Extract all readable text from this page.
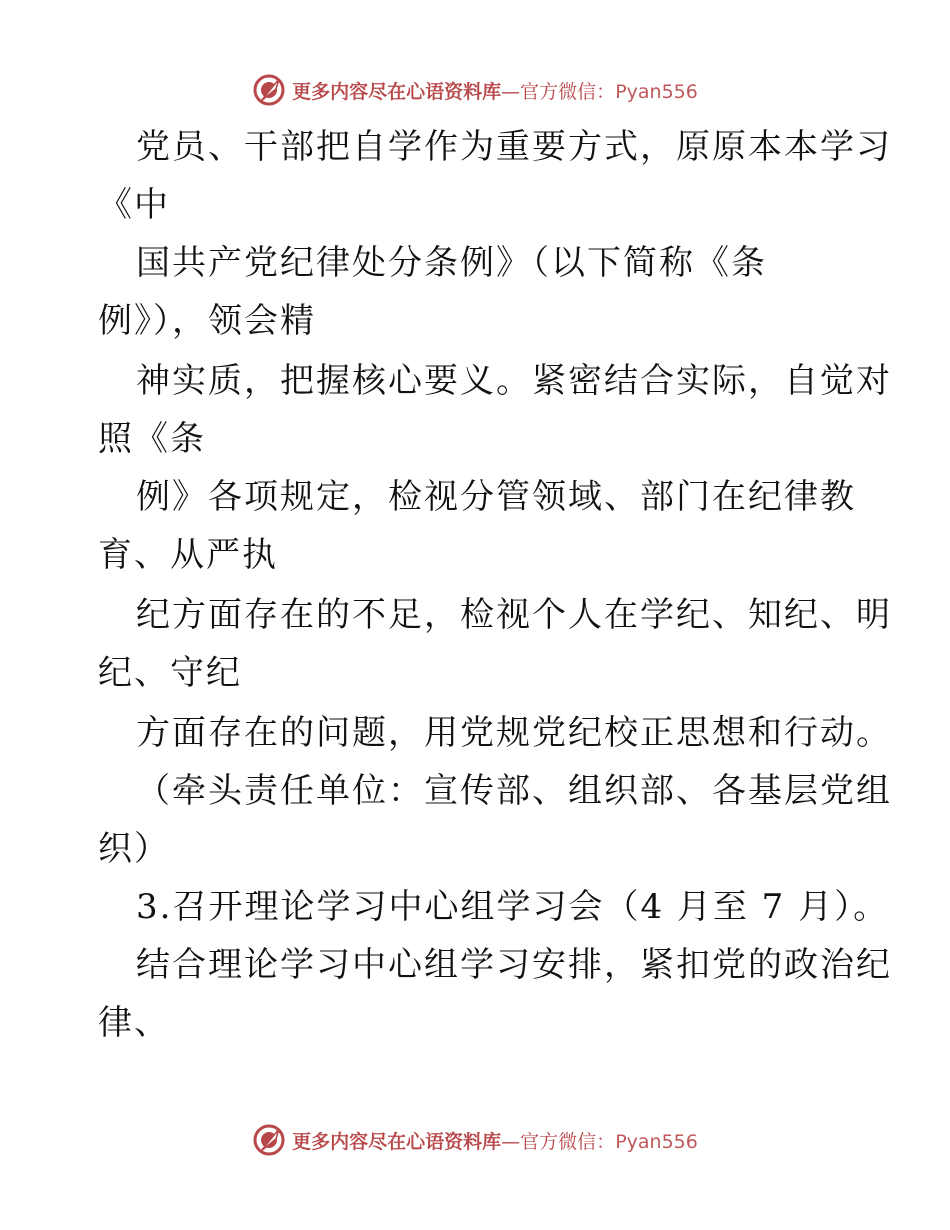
更多内容尽在心语资料库—官方微信：Pyan556
党员、干部把自学作为重要方式，原原本本学习
《中
国共产党纪律处分条例》（以下简称《条
例》），领会精
神实质，把握核心要义。紧密结合实际，自觉对
照《条
例》各项规定，检视分管领域、部门在纪律教
育、从严执
纪方面存在的不足，检视个人在学纪、知纪、明
纪、守纪
方面存在的问题，用党规党纪校正思想和行动。
（牵头责任单位：宣传部、组织部、各基层党组
织）
3.召开理论学习中心组学习会（4 月至 7 月）。
结合理论学习中心组学习安排，紧扣党的政治纪
律、
更多内容尽在心语资料库—官方微信：Pyan556
